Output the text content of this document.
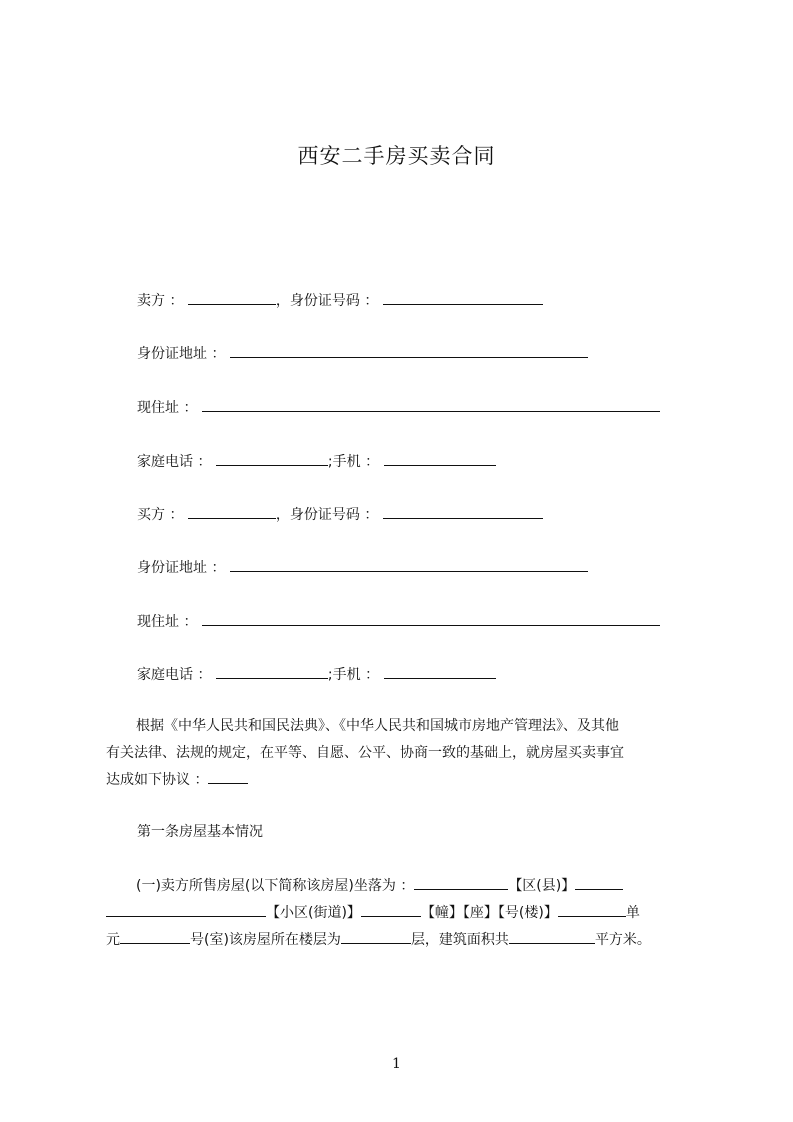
西安二手房买卖合同
卖方 ：	，身份证号码 ：
身份证地址 ：
现住址 ：
家庭电话 ：	;手机 ：
买方 ：	，身份证号码 ：
身份证地址 ：
现住址 ：
家庭电话 ：	;手机 ：
根据《中华人民共和国民法典》、《中华人民共和国城市房地产管理法》、及其他
有关法律、法规的规定，在平等、自愿、公平、协商一致的基础上，就房屋买卖事宜
达成如下协议 ：
第一条房屋基本情况
(一)卖方所售房屋(以下简称该房屋)坐落为 ：	【区(县)】
【小区(街道)】	【幢】【座】【号(楼)】	单
元	号(室)该房屋所在楼层为	层，建筑面积共	平方米。
1
